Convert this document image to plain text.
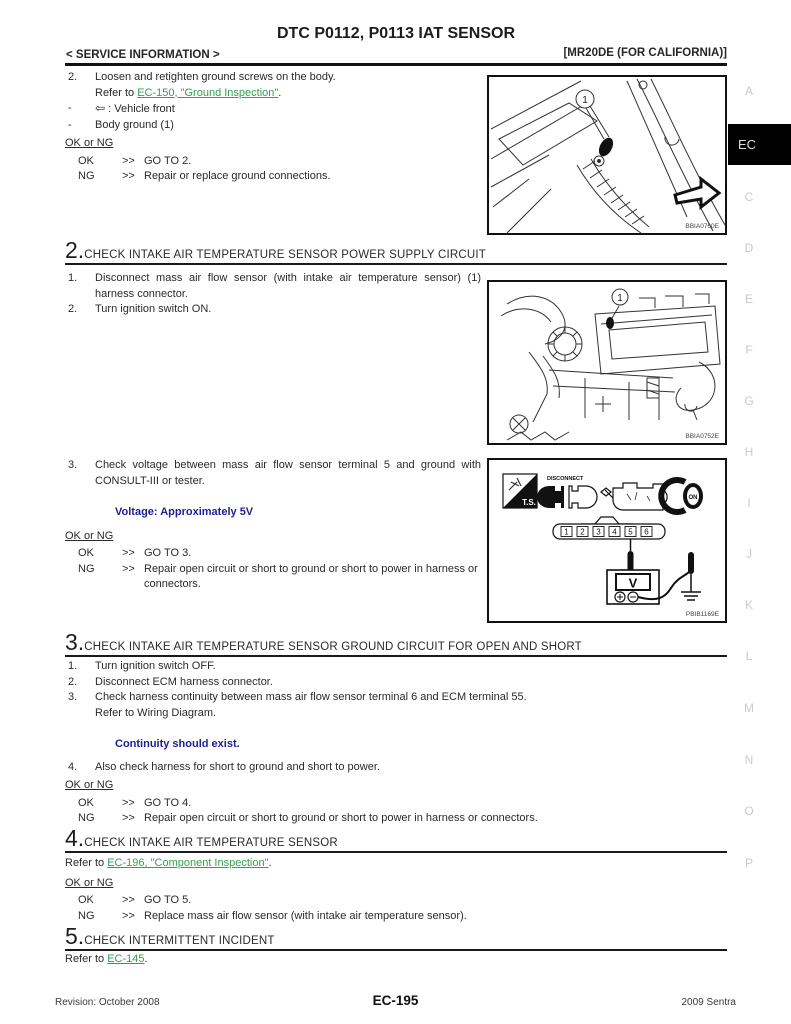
DTC P0112, P0113 IAT SENSOR
< SERVICE INFORMATION >	[MR20DE (FOR CALIFORNIA)]
2.	Loosen and retighten ground screws on the body.
Refer to EC-150, "Ground Inspection".
-	⇦ : Vehicle front
-	Body ground (1)
OK or NG
OK	>> GO TO 2.
NG	>> Repair or replace ground connections.
1
BBIA0760E
2. CHECK INTAKE AIR TEMPERATURE SENSOR POWER SUPPLY CIRCUIT
1.	Disconnect mass air flow sensor (with intake air temperature sensor) (1) harness connector.
2.	Turn ignition switch ON.
1
BBIA0752E
3.	Check voltage between mass air flow sensor terminal 5 and ground with CONSULT-III or tester.
Voltage: Approximately 5V
OK or NG
OK	>> GO TO 3.
NG	>> Repair open circuit or short to ground or short to power in harness or connectors.
T.S.
DISCONNECT
ON
1 2 3 4 5 6
V
PBIB1169E
3. CHECK INTAKE AIR TEMPERATURE SENSOR GROUND CIRCUIT FOR OPEN AND SHORT
1.	Turn ignition switch OFF.
2.	Disconnect ECM harness connector.
3.	Check harness continuity between mass air flow sensor terminal 6 and ECM terminal 55.
Refer to Wiring Diagram.
Continuity should exist.
4.	Also check harness for short to ground and short to power.
OK or NG
OK	>> GO TO 4.
NG	>> Repair open circuit or short to ground or short to power in harness or connectors.
4. CHECK INTAKE AIR TEMPERATURE SENSOR
Refer to EC-196, "Component Inspection".
OK or NG
OK	>> GO TO 5.
NG	>> Replace mass air flow sensor (with intake air temperature sensor).
5. CHECK INTERMITTENT INCIDENT
Refer to EC-145.
A
EC
C
D
E
F
G
H
I
J
K
L
M
N
O
P
Revision: October 2008	EC-195	2009 Sentra
